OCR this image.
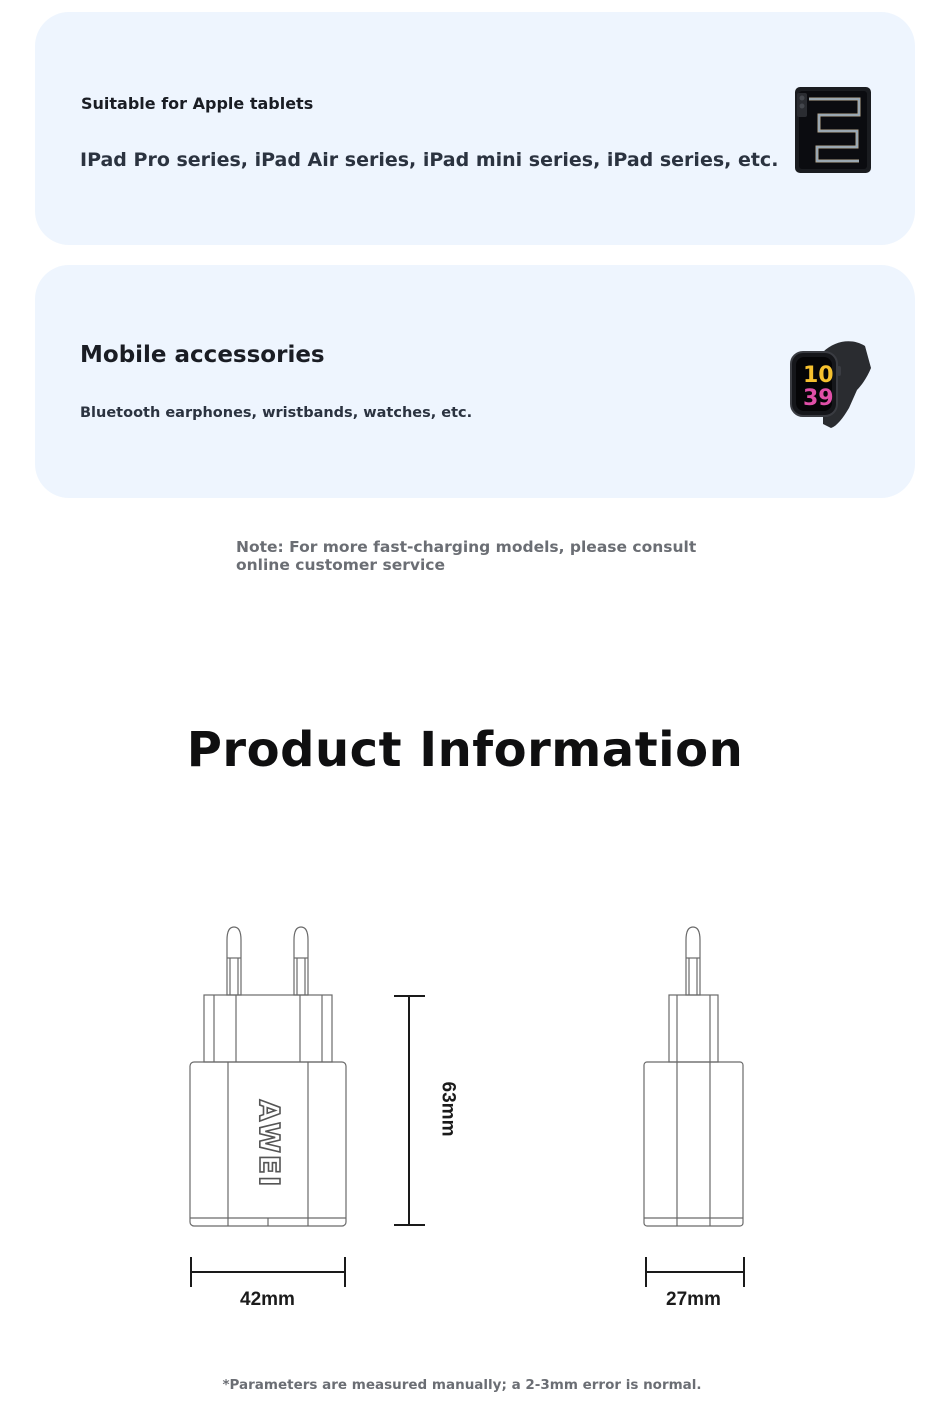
Suitable for Apple tablets
IPad Pro series, iPad Air series, iPad mini series, iPad series, etc.
Mobile accessories
Bluetooth earphones, wristbands, watches, etc.
10
39
Note: For more fast-charging models, please consult online customer service
Product Information
AWEI	63mm
42mm	27mm
*Parameters are measured manually; a 2-3mm error is normal.
